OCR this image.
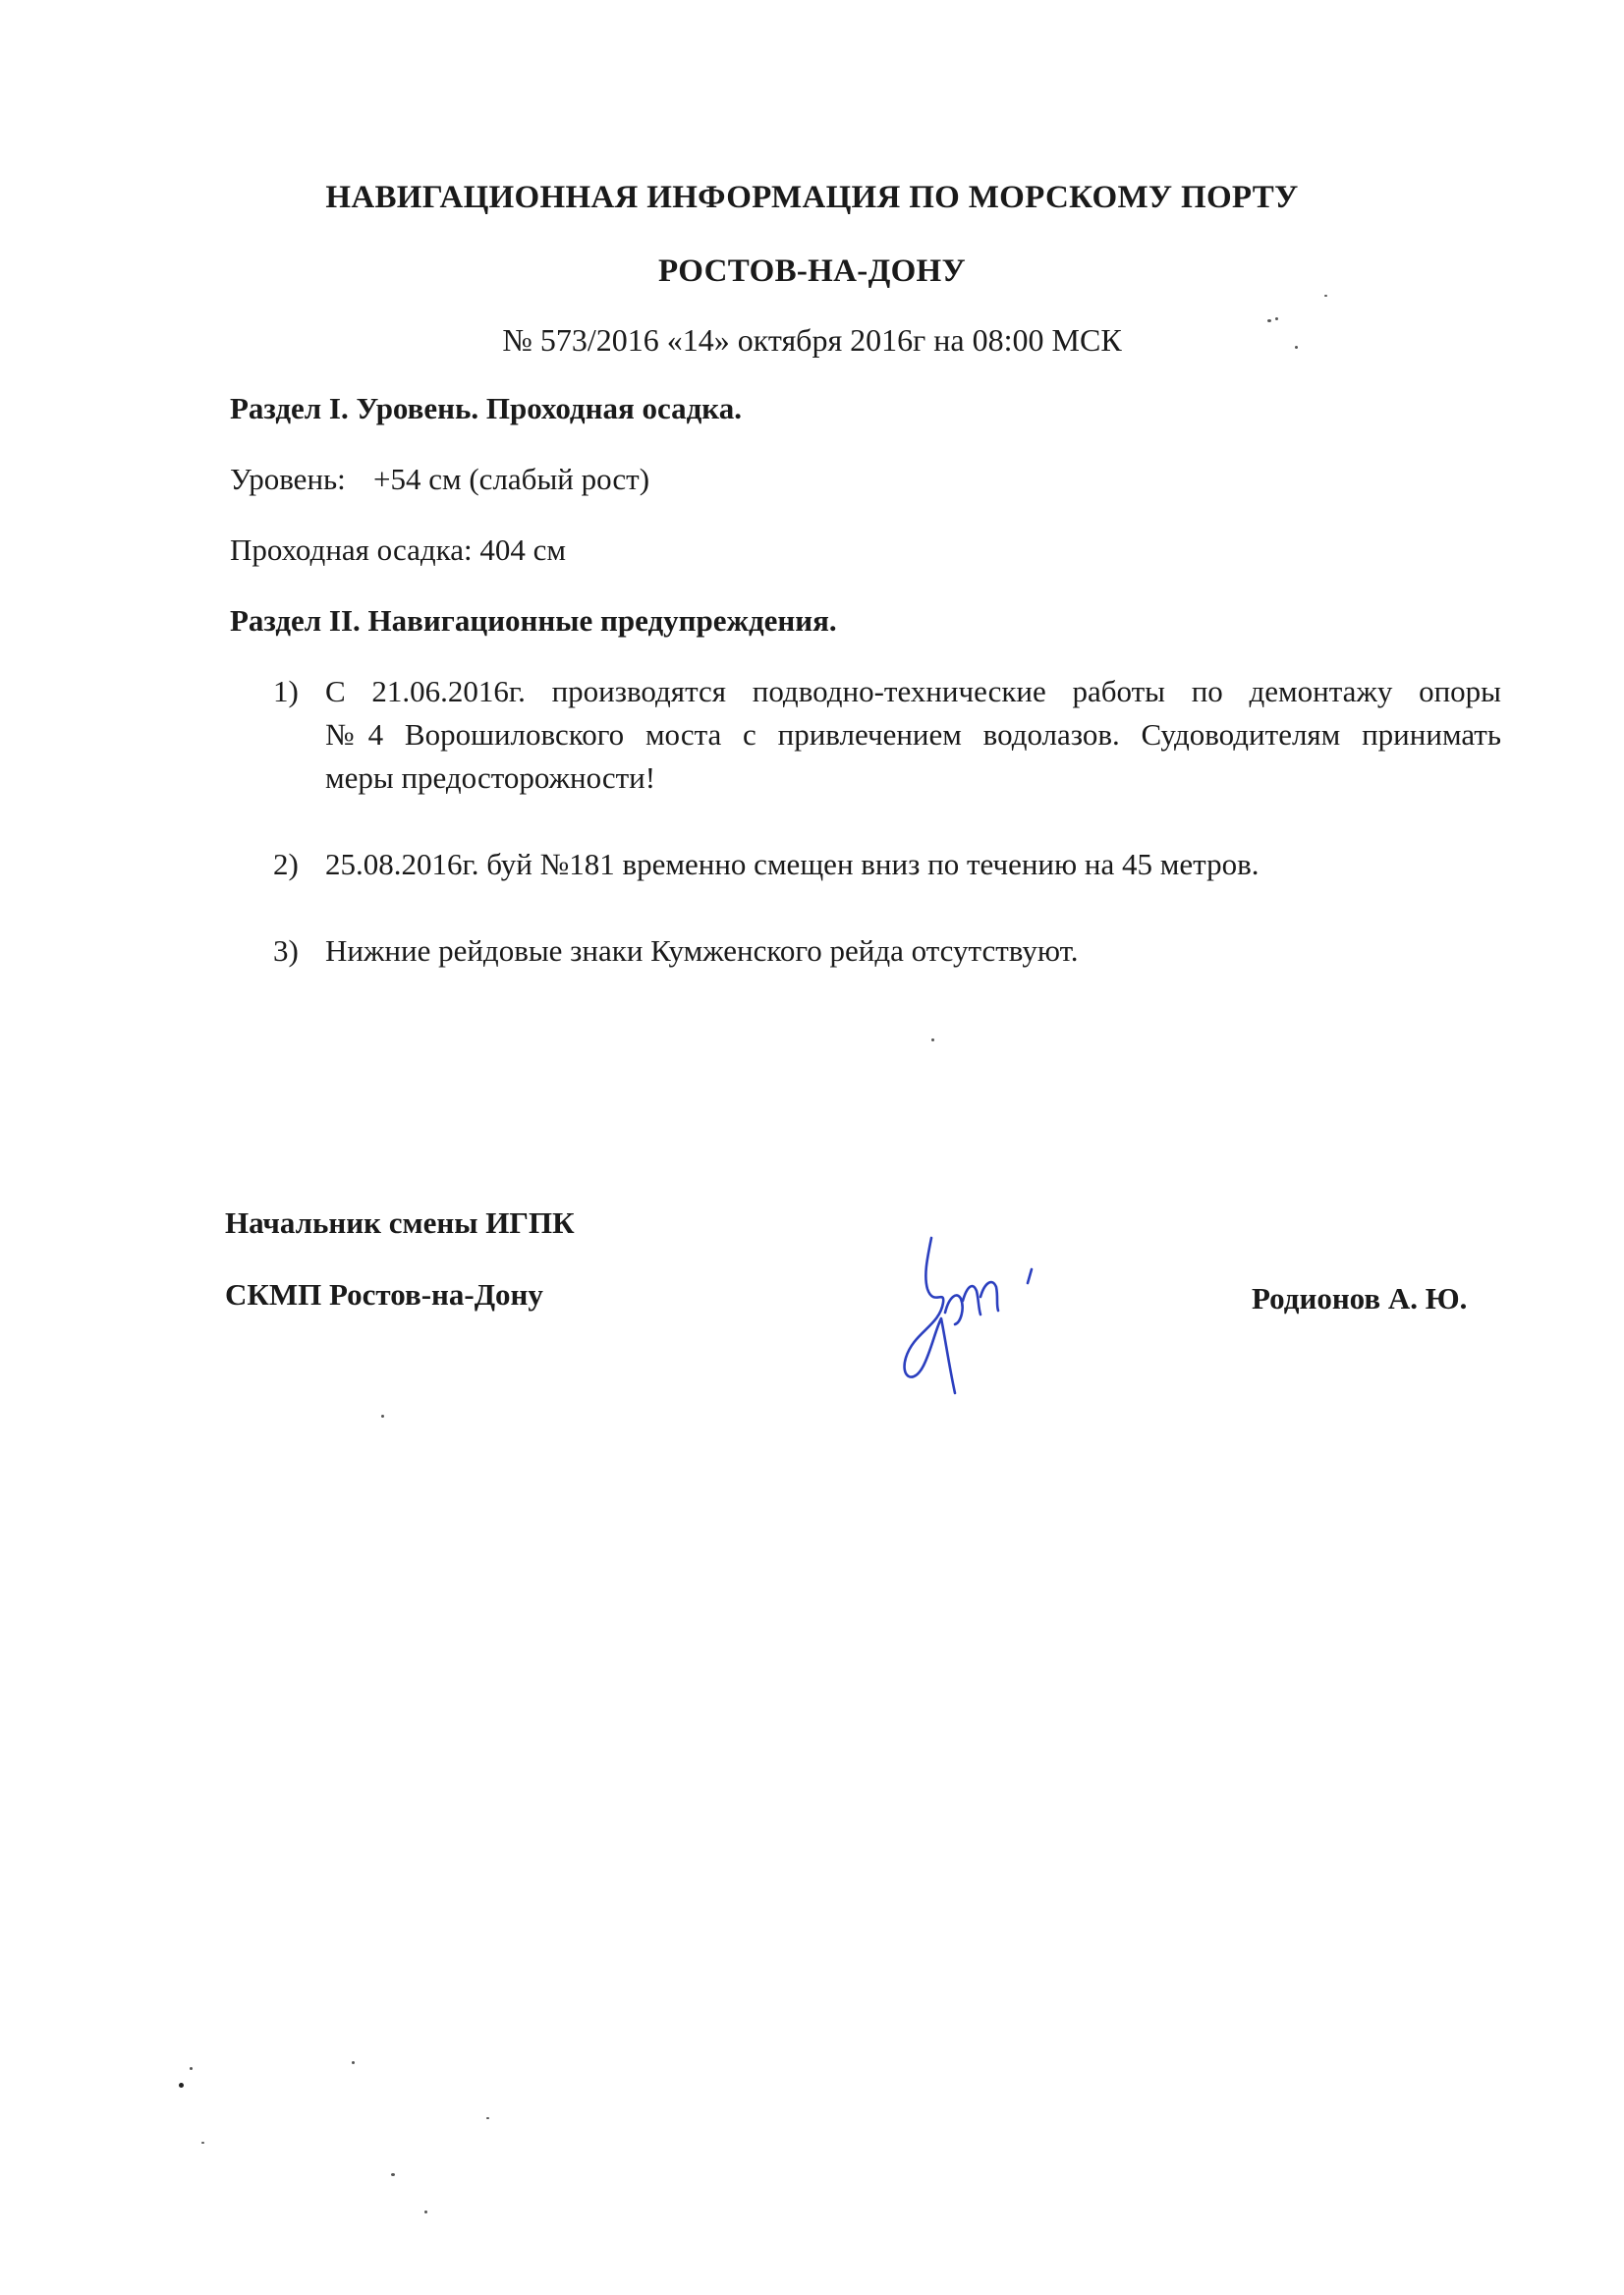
НАВИГАЦИОННАЯ ИНФОРМАЦИЯ ПО МОРСКОМУ ПОРТУ
РОСТОВ-НА-ДОНУ
№ 573/2016 «14» октября 2016г на 08:00 МСК
Раздел I. Уровень. Проходная осадка.
Уровень: +54 см (слабый рост)
Проходная осадка: 404 см
Раздел II. Навигационные предупреждения.
1) С 21.06.2016г. производятся подводно-технические работы по демонтажу опоры
№4 Ворошиловского моста с привлечением водолазов. Судоводителям принимать
меры предосторожности!
2) 25.08.2016г. буй №181 временно смещен вниз по течению на 45 метров.
3) Нижние рейдовые знаки Кумженского рейда отсутствуют.
Начальник смены ИГПК
СКМП Ростов-на-Дону	Родионов А. Ю.
